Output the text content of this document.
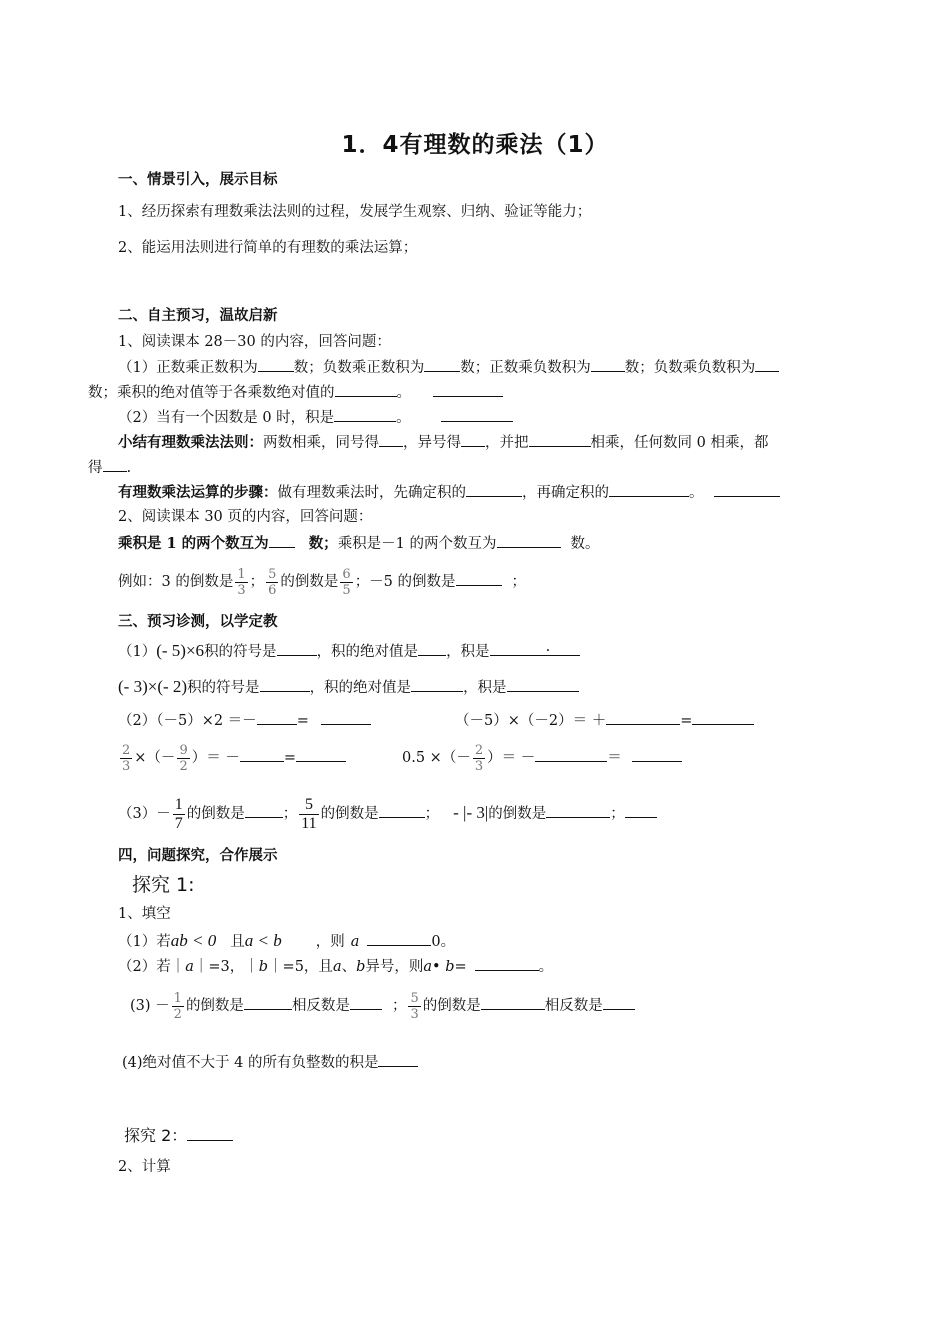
1．4有理数的乘法（1）
一、情景引入，展示目标
1、经历探索有理数乘法法则的过程，发展学生观察、归纳、验证等能力；
2、能运用法则进行简单的有理数的乘法运算；
二、自主预习，温故启新
1、阅读课本 28－30 的内容，回答问题：
（1）正数乘正数积为 数；负数乘正数积为 数；正数乘负数积为 数；负数乘负数积为
数；乘积的绝对值等于各乘数绝对值的	。
（2）当有一个因数是 0 时，积是	。
小结有理数乘法法则：两数相乘，同号得 ，异号得 ，并把	相乘，任何数同 0 相乘，都
得 .
有理数乘法运算的步骤：做有理数乘法时，先确定积的	，再确定积的	。
2、阅读课本 30 页的内容，回答问题：
乘积是 1 的两个数互为	数；乘积是－1 的两个数互为	数。
例如：3 的倒数是 $\frac{1}{3}$ ； $\frac{5}{6}$ 的倒数是 $\frac{6}{5}$ ；－5 的倒数是	；
三、预习诊测，以学定教
（1）(- 5)×6积的符号是	，积的绝对值是 ，积是	.
(- 3)×(- 2)积的符号是	，积的绝对值是	，积是
（2）（－5）×2 ＝－	=	（－5）×（－2）＝ ＋	=
$\frac{2}{3}$ ×（－ $\frac{9}{2}$ ）＝ －	=	0.5 ×（－ $\frac{2}{3}$ ）＝ －	＝
$(3)- \frac{1}{7}$ 的倒数是	； $\frac{5}{11}$ 的倒数是	； - |- 3|的倒数是	；
四，问题探究，合作展示
探究 1:
1、填空
（1）若ab < 0 且a < b ，则 a	0。
（2）若｜a｜=3，｜b｜=5，且a、b异号，则a• b=	。
$(3) - \frac{1}{2}$ 的倒数是	相反数是	； $\frac{5}{3}$ 的倒数是	相反数是
(4)绝对值不大于 4 的所有负整数的积是
探究 2：
2、计算
